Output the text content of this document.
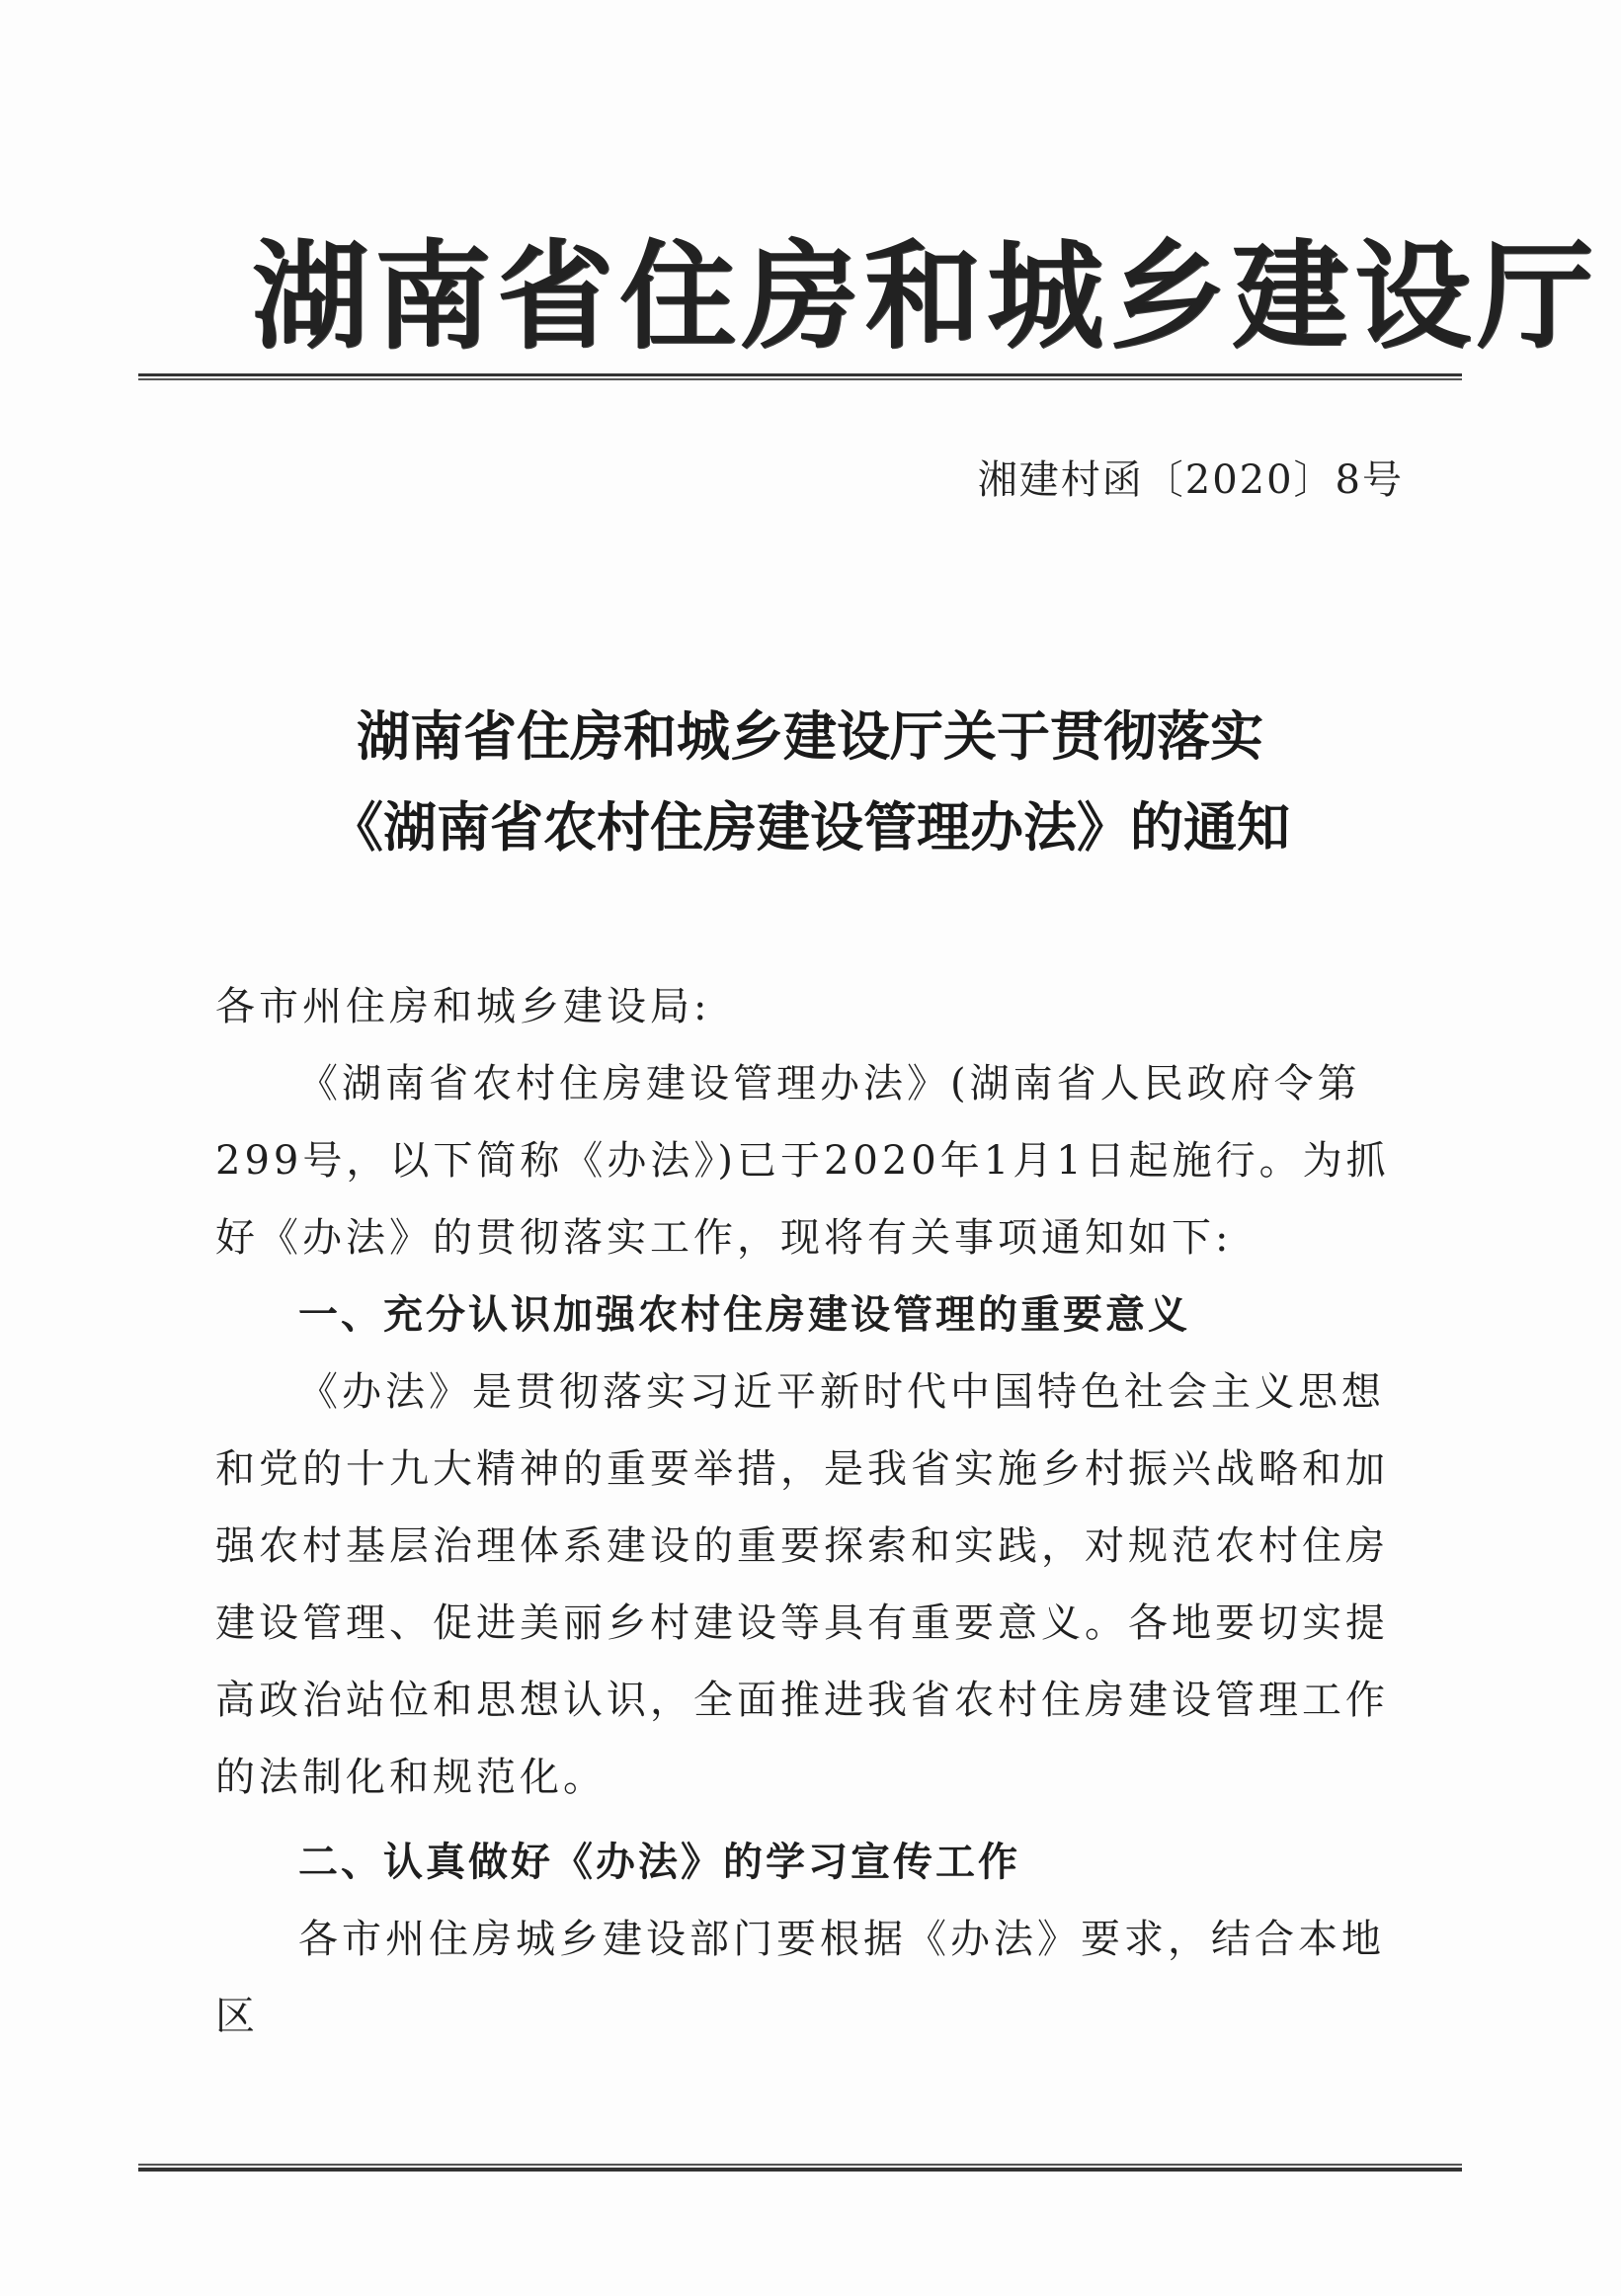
湖南省住房和城乡建设厅
湘建村函〔2020〕8号
湖南省住房和城乡建设厅关于贯彻落实
《湖南省农村住房建设管理办法》的通知

各市州住房和城乡建设局:

《湖南省农村住房建设管理办法》(湖南省人民政府令第299号，以下简称《办法》)已于2020年1月1日起施行。为抓好《办法》的贯彻落实工作，现将有关事项通知如下:

一、充分认识加强农村住房建设管理的重要意义

《办法》是贯彻落实习近平新时代中国特色社会主义思想和党的十九大精神的重要举措，是我省实施乡村振兴战略和加强农村基层治理体系建设的重要探索和实践，对规范农村住房建设管理、促进美丽乡村建设等具有重要意义。各地要切实提高政治站位和思想认识，全面推进我省农村住房建设管理工作的法制化和规范化。

二、认真做好《办法》的学习宣传工作

各市州住房城乡建设部门要根据《办法》要求，结合本地区
